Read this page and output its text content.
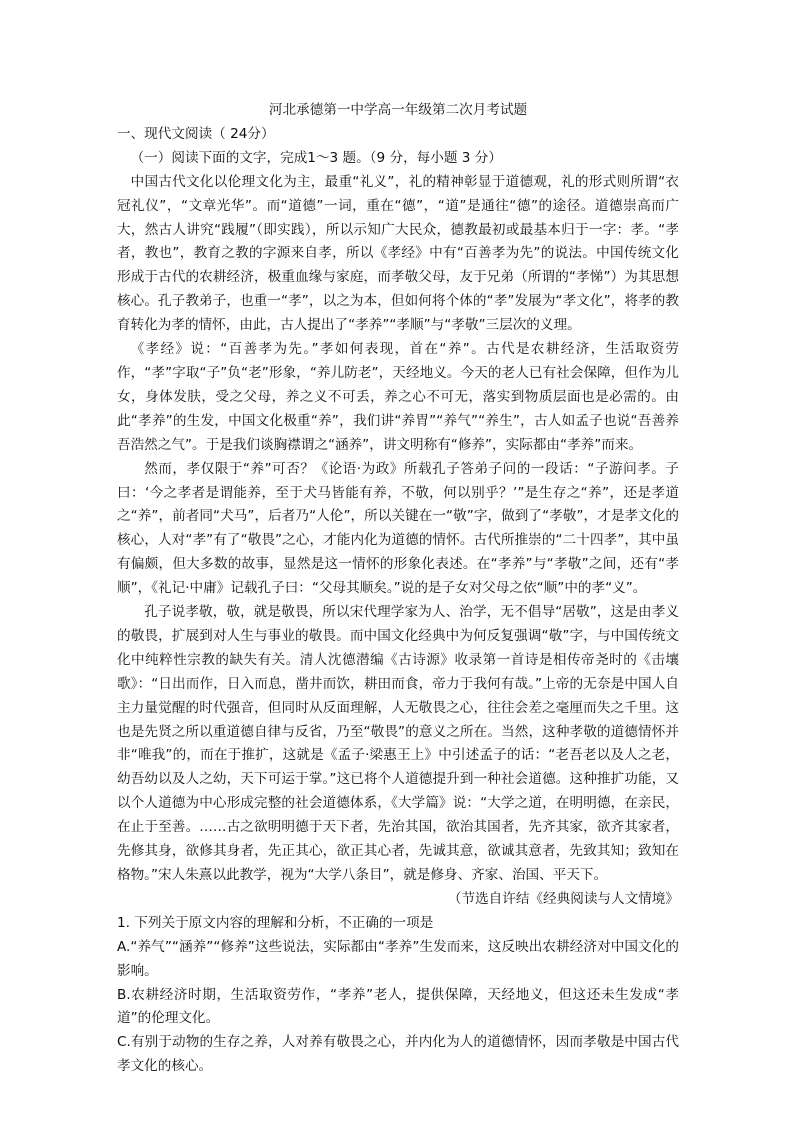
河北承德第一中学高一年级第二次月考试题
一、现代文阅读（ 24分）
（一）阅读下面的文字，完成1～3 题。（9 分，每小题 3 分）

中国古代文化以伦理文化为主，最重“礼义”，礼的精神彰显于道德观，礼的形式则所谓“衣冠礼仪”，“文章光华”。而“道德”一词，重在“德”，“道”是通往“德”的途径。道德崇高而广大，然古人讲究“践履”（即实践），所以示知广大民众，德教最初或最基本归于一字：孝。“孝者，教也”，教育之教的字源来自孝，所以《孝经》中有“百善孝为先”的说法。中国传统文化形成于古代的农耕经济，极重血缘与家庭，而孝敬父母，友于兄弟（所谓的“孝悌”）为其思想核心。孔子教弟子，也重一“孝”，以之为本，但如何将个体的“孝”发展为“孝文化”，将孝的教育转化为孝的情怀，由此，古人提出了“孝养”“孝顺”与“孝敬”三层次的义理。

《孝经》说：“百善孝为先。”孝如何表现，首在“养”。古代是农耕经济，生活取资劳作，“孝”字取“子”负“老”形象，“养儿防老”，天经地义。今天的老人已有社会保障，但作为儿女，身体发肤，受之父母，养之义不可丢，养之心不可无，落实到物质层面也是必需的。由此“孝养”的生发，中国文化极重“养”，我们讲“养胃”“养气”“养生”，古人如孟子也说“吾善养吾浩然之气”。于是我们谈胸襟谓之“涵养”，讲文明称有“修养”，实际都由“孝养”而来。

然而，孝仅限于“养”可否？《论语·为政》所载孔子答弟子问的一段话：“子游问孝。子曰：‘今之孝者是谓能养，至于犬马皆能有养，不敬，何以别乎？’”是生存之“养”，还是孝道之“养”，前者同“犬马”，后者乃“人伦”，所以关键在一“敬”字，做到了“孝敬”，才是孝文化的核心，人对“孝”有了“敬畏”之心，才能内化为道德的情怀。古代所推崇的“二十四孝”，其中虽有偏颇，但大多数的故事，显然是这一情怀的形象化表述。在“孝养”与“孝敬”之间，还有“孝顺”，《礼记·中庸》记载孔子曰：“父母其顺矣。”说的是子女对父母之依“顺”中的孝“义”。

孔子说孝敬，敬，就是敬畏，所以宋代理学家为人、治学，无不倡导“居敬”，这是由孝义的敬畏，扩展到对人生与事业的敬畏。而中国文化经典中为何反复强调“敬”字，与中国传统文化中纯粹性宗教的缺失有关。清人沈德潜编《古诗源》收录第一首诗是相传帝尧时的《击壤歌》：“日出而作，日入而息，凿井而饮，耕田而食，帝力于我何有哉。”上帝的无奈是中国人自主力量觉醒的时代强音，但同时从反面理解，人无敬畏之心，往往会差之毫厘而失之千里。这也是先贤之所以重道德自律与反省，乃至“敬畏”的意义之所在。当然，这种孝敬的道德情怀并非“唯我”的，而在于推扩，这就是《孟子·梁惠王上》中引述孟子的话：“老吾老以及人之老，幼吾幼以及人之幼，天下可运于掌。”这已将个人道德提升到一种社会道德。这种推扩功能，又以个人道德为中心形成完整的社会道德体系，《大学篇》说：“大学之道，在明明德，在亲民，在止于至善。……古之欲明明德于天下者，先治其国，欲治其国者，先齐其家，欲齐其家者，先修其身，欲修其身者，先正其心，欲正其心者，先诚其意，欲诚其意者，先致其知；致知在格物。”宋人朱熹以此教学，视为“大学八条目”，就是修身、齐家、治国、平天下。

（节选自许结《经典阅读与人文情境》
1. 下列关于原文内容的理解和分析，不正确的一项是
A.“养气”“涵养”“修养”这些说法，实际都由“孝养”生发而来，这反映出农耕经济对中国文化的影响。
B.农耕经济时期，生活取资劳作，“孝养”老人，提供保障，天经地义，但这还未生发成“孝道”的伦理文化。
C.有别于动物的生存之养，人对养有敬畏之心，并内化为人的道德情怀，因而孝敬是中国古代孝文化的核心。
